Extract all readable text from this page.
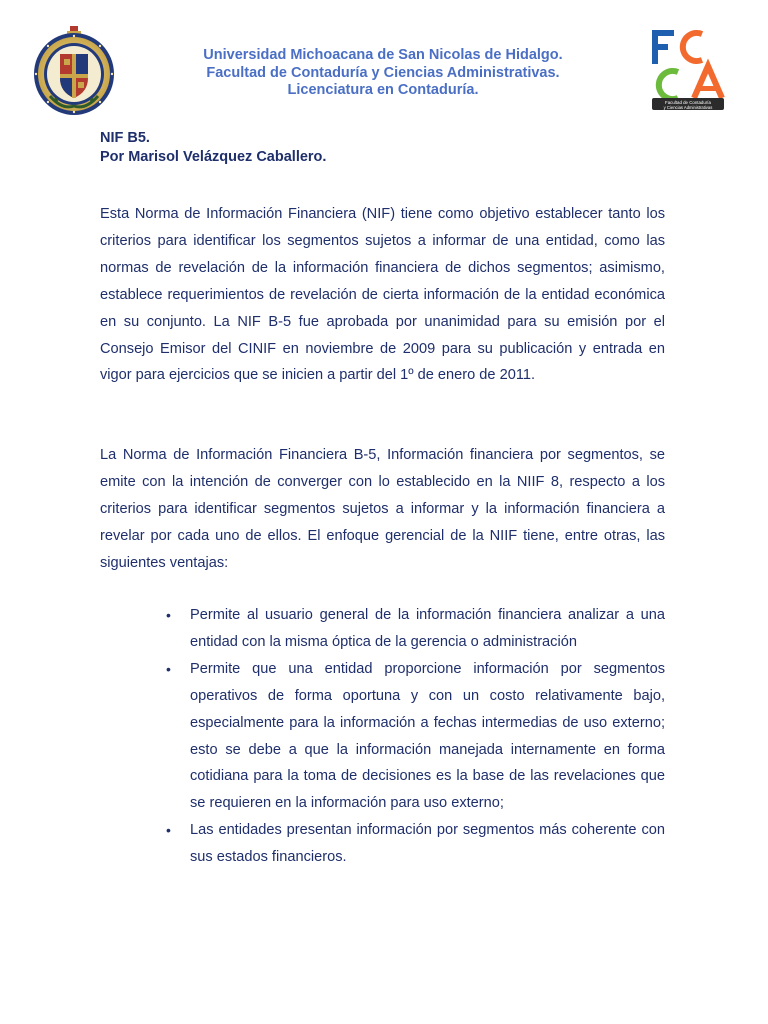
Universidad Michoacana de San Nicolas de Hidalgo.
Facultad de Contaduría y Ciencias Administrativas.
Licenciatura en Contaduría.
Facultad de Contaduría
y Ciencias Administrativas
NIF B5.
Por Marisol Velázquez Caballero.
Esta Norma de Información Financiera (NIF) tiene como objetivo establecer tanto los criterios para identificar los segmentos sujetos a informar de una entidad, como las normas de revelación de la información financiera de dichos segmentos; asimismo, establece requerimientos de revelación de cierta información de la entidad económica en su conjunto. La NIF B-5 fue aprobada por unanimidad para su emisión por el Consejo Emisor del CINIF en noviembre de 2009 para su publicación y entrada en vigor para ejercicios que se inicien a partir del 1º de enero de 2011.
La Norma de Información Financiera B-5, Información financiera por segmentos, se emite con la intención de converger con lo establecido en la NIIF 8, respecto a los criterios para identificar segmentos sujetos a informar y la información financiera a revelar por cada uno de ellos. El enfoque gerencial de la NIIF tiene, entre otras, las siguientes ventajas:
• Permite al usuario general de la información financiera analizar a una entidad con la misma óptica de la gerencia o administración
• Permite que una entidad proporcione información por segmentos operativos de forma oportuna y con un costo relativamente bajo, especialmente para la información a fechas intermedias de uso externo; esto se debe a que la información manejada internamente en forma cotidiana para la toma de decisiones es la base de las revelaciones que se requieren en la información para uso externo;
• Las entidades presentan información por segmentos más coherente con sus estados financieros.
